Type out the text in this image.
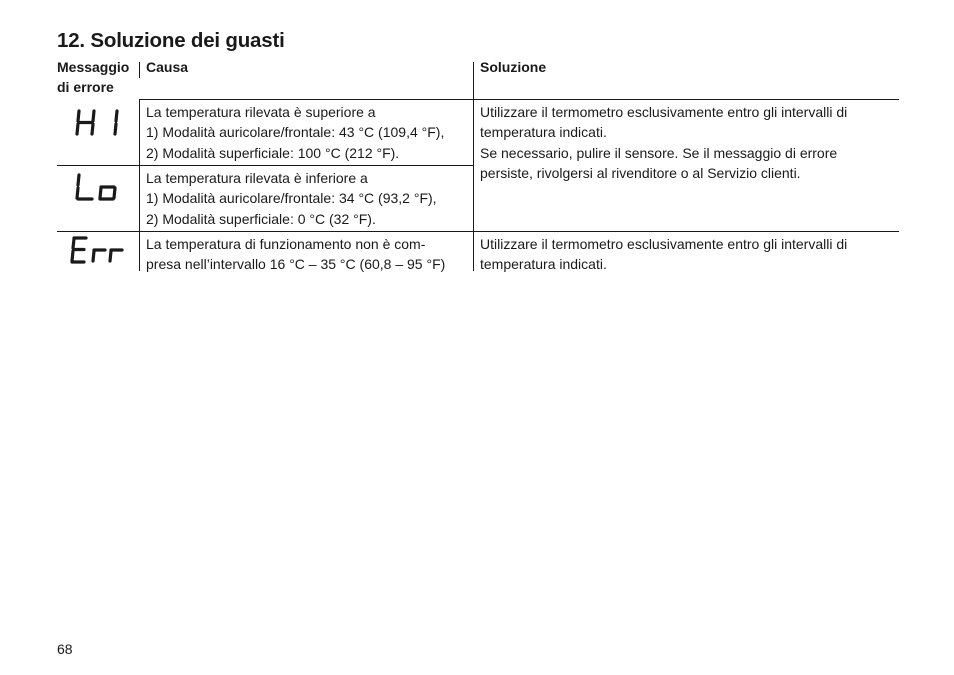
12. Soluzione dei guasti
Messaggio
di errore
Causa	Soluzione
La temperatura rilevata è superiore a
1) Modalità auricolare/frontale: 43 °C (109,4 °F),
2) Modalità superficiale: 100 °C (212 °F).
La temperatura rilevata è inferiore a
1) Modalità auricolare/frontale: 34 °C (93,2 °F),
2) Modalità superficiale: 0 °C (32 °F).
Utilizzare il termometro esclusivamente entro gli intervalli di
temperatura indicati.
Se necessario, pulire il sensore. Se il messaggio di errore
persiste, rivolgersi al rivenditore o al Servizio clienti.
La temperatura di funzionamento non è com-
presa nell’intervallo 16 °C – 35 °C (60,8 – 95 °F)
Utilizzare il termometro esclusivamente entro gli intervalli di
temperatura indicati.
68
